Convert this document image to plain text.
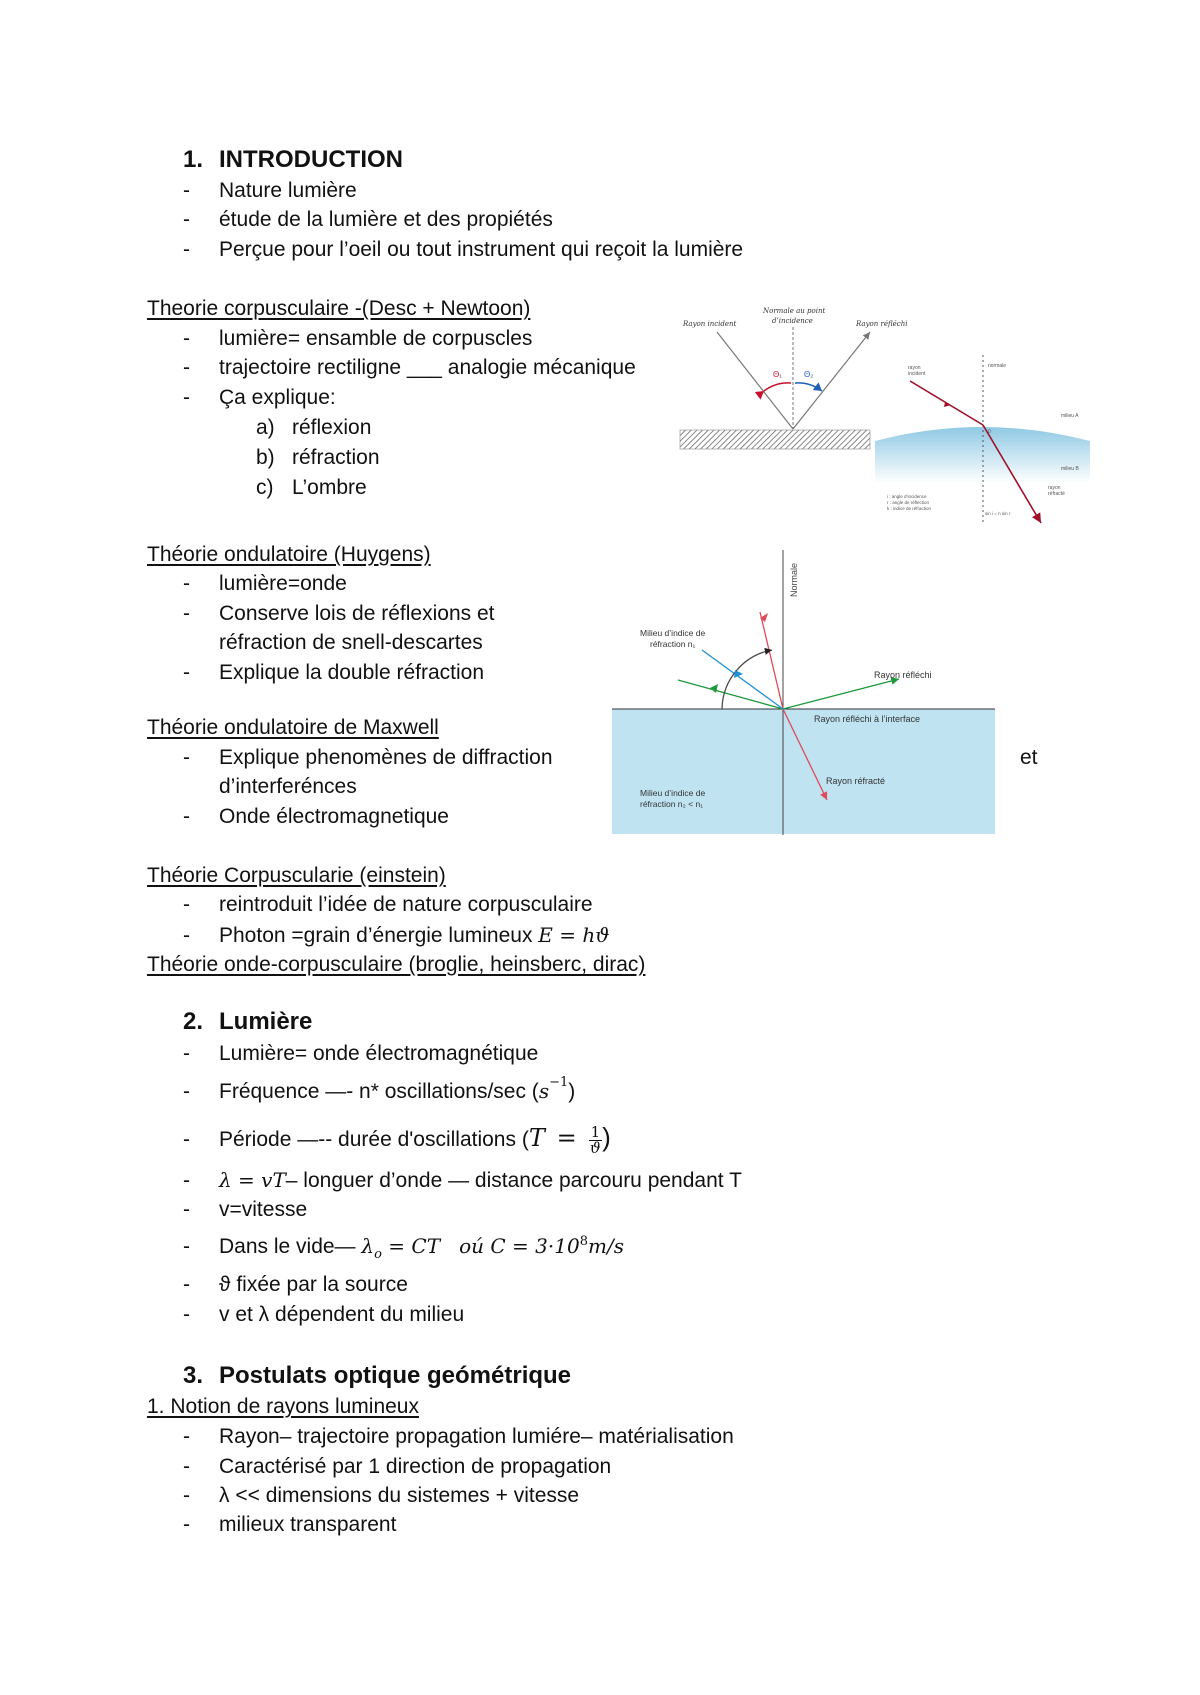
1. INTRODUCTION
- Nature lumière
- étude de la lumière et des propiétés
- Perçue pour l’oeil ou tout instrument qui reçoit la lumière
Theorie corpusculaire -(Desc + Newtoon)
- lumière= ensamble de corpuscles
- trajectoire rectiligne ___ analogie mécanique
- Ça explique:
a) réflexion
b) réfraction
c) L’ombre
Rayon incident
Normale au point
d’incidence	Rayon réfléchi
Θ₁	Θ₂
rayon
incident
normale
milieu A
milieu B
0
rayon
réfracté
i : angle d’incidence
r : angle de réflection
k : indice de réfraction
sin i = n sin r
Théorie ondulatoire (Huygens)
- lumière=onde
- Conserve lois de réflexions et
réfraction de snell-descartes
- Explique la double réfraction
Normale
Milieu d’indice de
réfraction n₁
Rayon réfléchi
Rayon réfléchi à l’interface
Rayon réfracté
Milieu d’indice de
réfraction n₂ < n₁
Théorie ondulatoire de Maxwell
- Explique phenomènes de diffraction	et
d’interferénces
- Onde électromagnetique
Théorie Corpuscularie (einstein)
- reintroduit l’idée de nature corpusculaire
- Photon =grain d’énergie lumineux E = hϑ
Théorie onde-corpusculaire (broglie, heinsberc, dirac)
2. Lumière
- Lumière= onde électromagnétique
- Fréquence —- n* oscillations/sec $(s^{-1})$
- Période —-- durée d'oscillations ($T = \frac{1}{ϑ}$ )
- λ = vT– longuer d’onde — distance parcouru pendant T
- v=vitesse
- Dans le vide— $\lambda_o$ = CT   oú $C = 3\cdot 10^8m/s$
- ϑ fixée par la source
- v et λ dépendent du milieu
3. Postulats optique geómétrique
1. Notion de rayons lumineux
- Rayon– trajectoire propagation lumiére– matérialisation
- Caractérisé par 1 direction de propagation
- λ << dimensions du sistemes + vitesse
- milieux transparent
